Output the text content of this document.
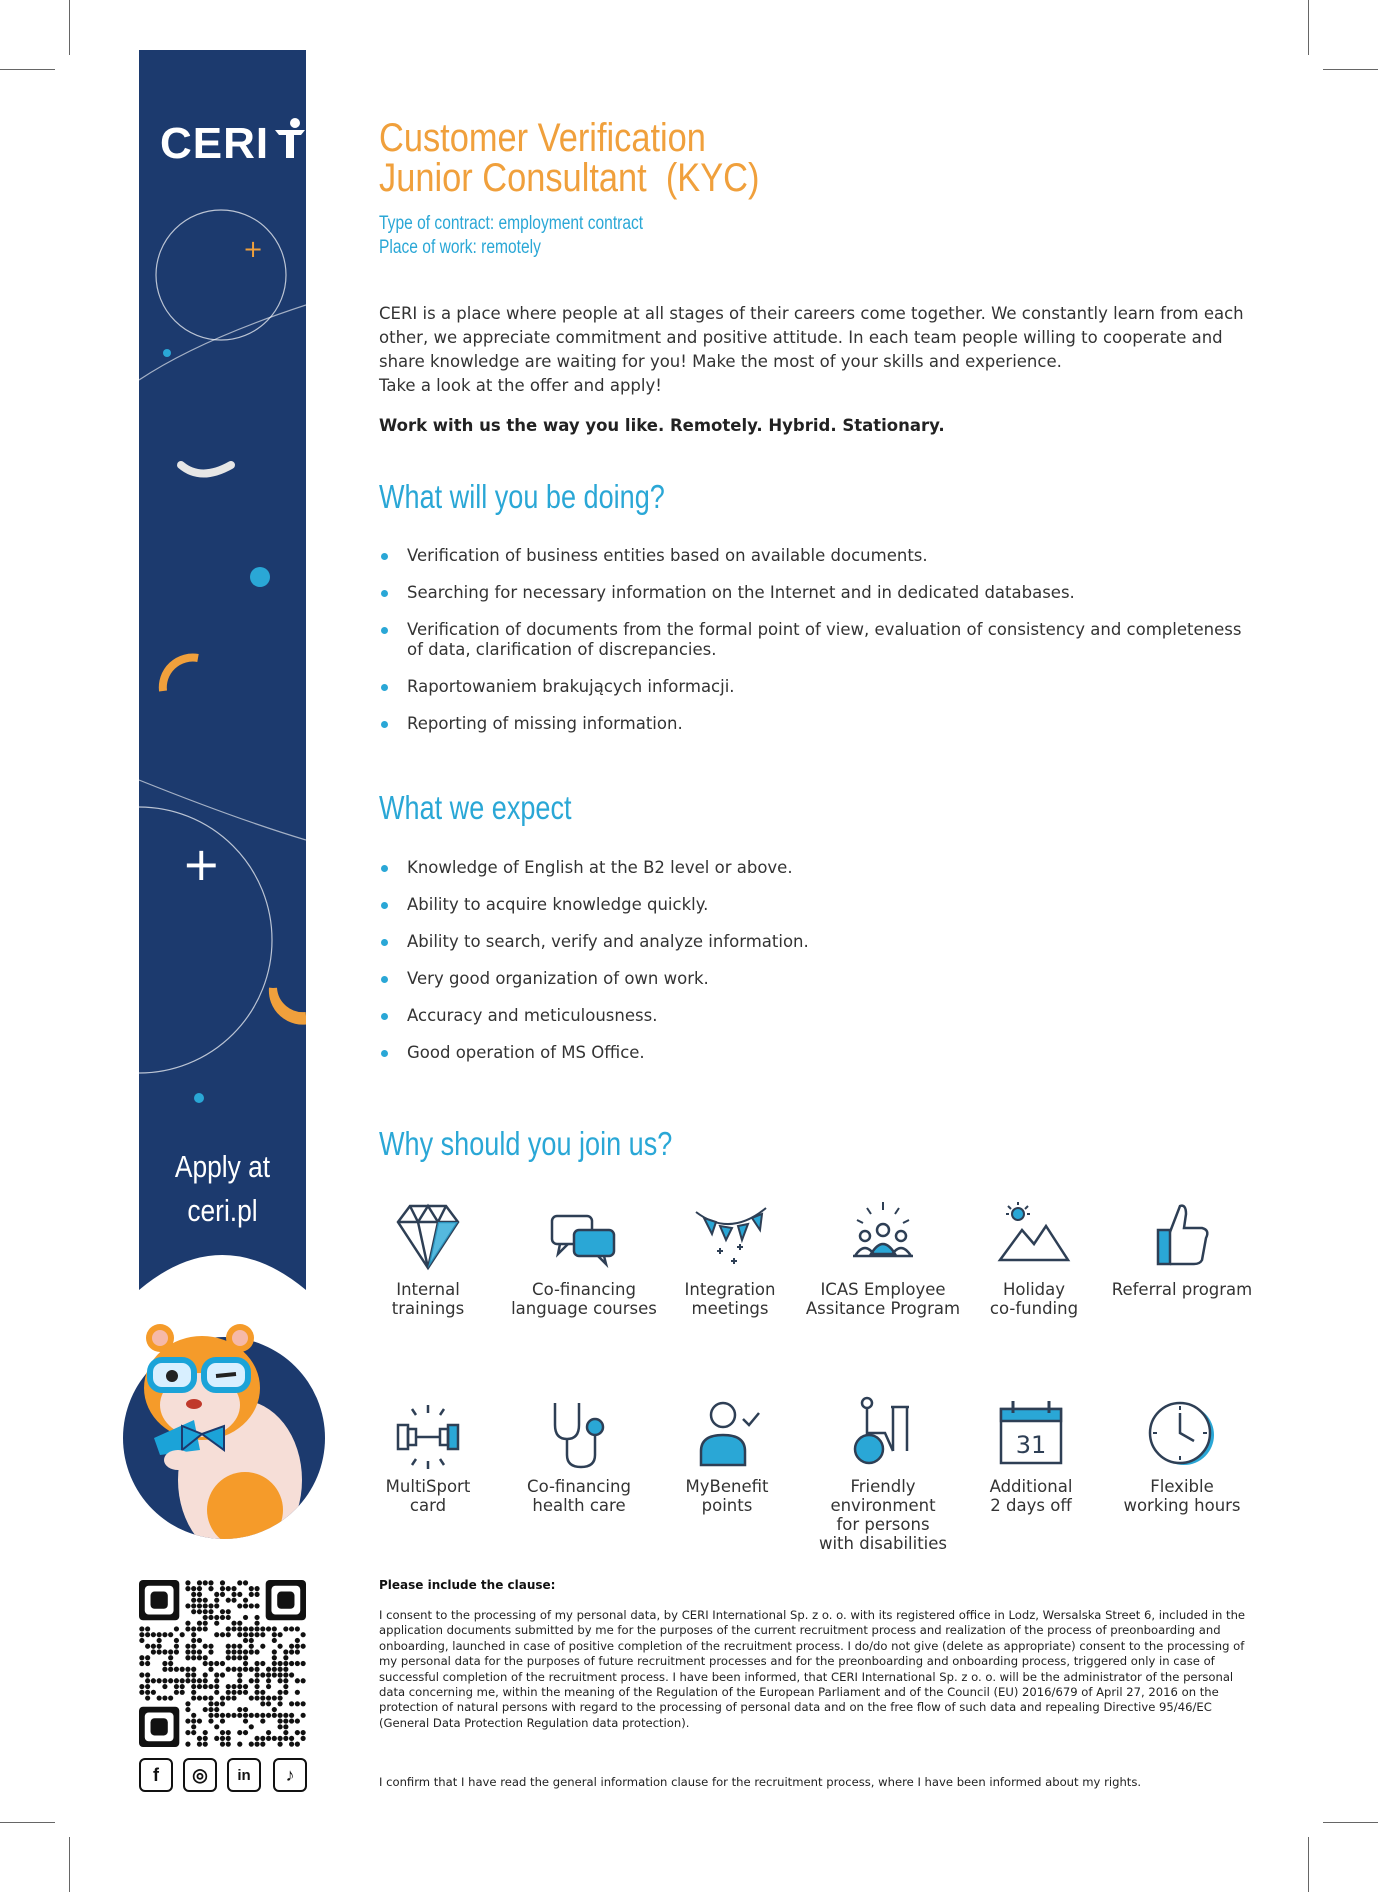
+
+
CERI
Apply at
ceri.pl
f	◎	in	♪
Customer Verification
Junior Consultant  (KYC)
Type of contract: employment contract
Place of work: remotely
CERI is a place where people at all stages of their careers come together. We constantly learn from each other, we appreciate commitment and positive attitude. In each team people willing to cooperate and share knowledge are waiting for you! Make the most of your skills and experience.
Take a look at the offer and apply!
Work with us the way you like. Remotely. Hybrid. Stationary.
What will you be doing?
Verification of business entities based on available documents.
Searching for necessary information on the Internet and in dedicated databases.
Verification of documents from the formal point of view, evaluation of consistency and completeness of data, clarification of discrepancies.
Raportowaniem brakujących informacji.
Reporting of missing information.
What we expect
Knowledge of English at the B2 level or above.
Ability to acquire knowledge quickly.
Ability to search, verify and analyze information.
Very good organization of own work.
Accuracy and meticulousness.
Good operation of MS Office.
Why should you join us?
Internal
trainings
Co-financing
language courses
Integration
meetings
ICAS Employee
Assitance Program
Holiday
co-funding
Referral program
MultiSport
card
Co-financing
health care
MyBenefit
points
Friendly environment
for persons
with disabilities
31
Additional
2 days off
Flexible
working hours
Please include the clause:
I consent to the processing of my personal data, by CERI International Sp. z o. o. with its registered office in Lodz, Wersalska Street 6, included in the application documents submitted by me for the purposes of the current recruitment process and realization of the process of preonboarding and onboarding, launched in case of positive completion of the recruitment process. I do/do not give (delete as appropriate) consent to the processing of my personal data for the purposes of future recruitment processes and for the preonboarding and onboarding process, triggered only in case of successful completion of the recruitment process. I have been informed, that CERI International Sp. z o. o. will be the administrator of the personal data concerning me, within the meaning of the Regulation of the European Parliament and of the Council (EU) 2016/679 of April 27, 2016 on the protection of natural persons with regard to the processing of personal data and on the free flow of such data and repealing Directive 95/46/EC (General Data Protection Regulation data protection).
I confirm that I have read the general information clause for the recruitment process, where I have been informed about my rights.
